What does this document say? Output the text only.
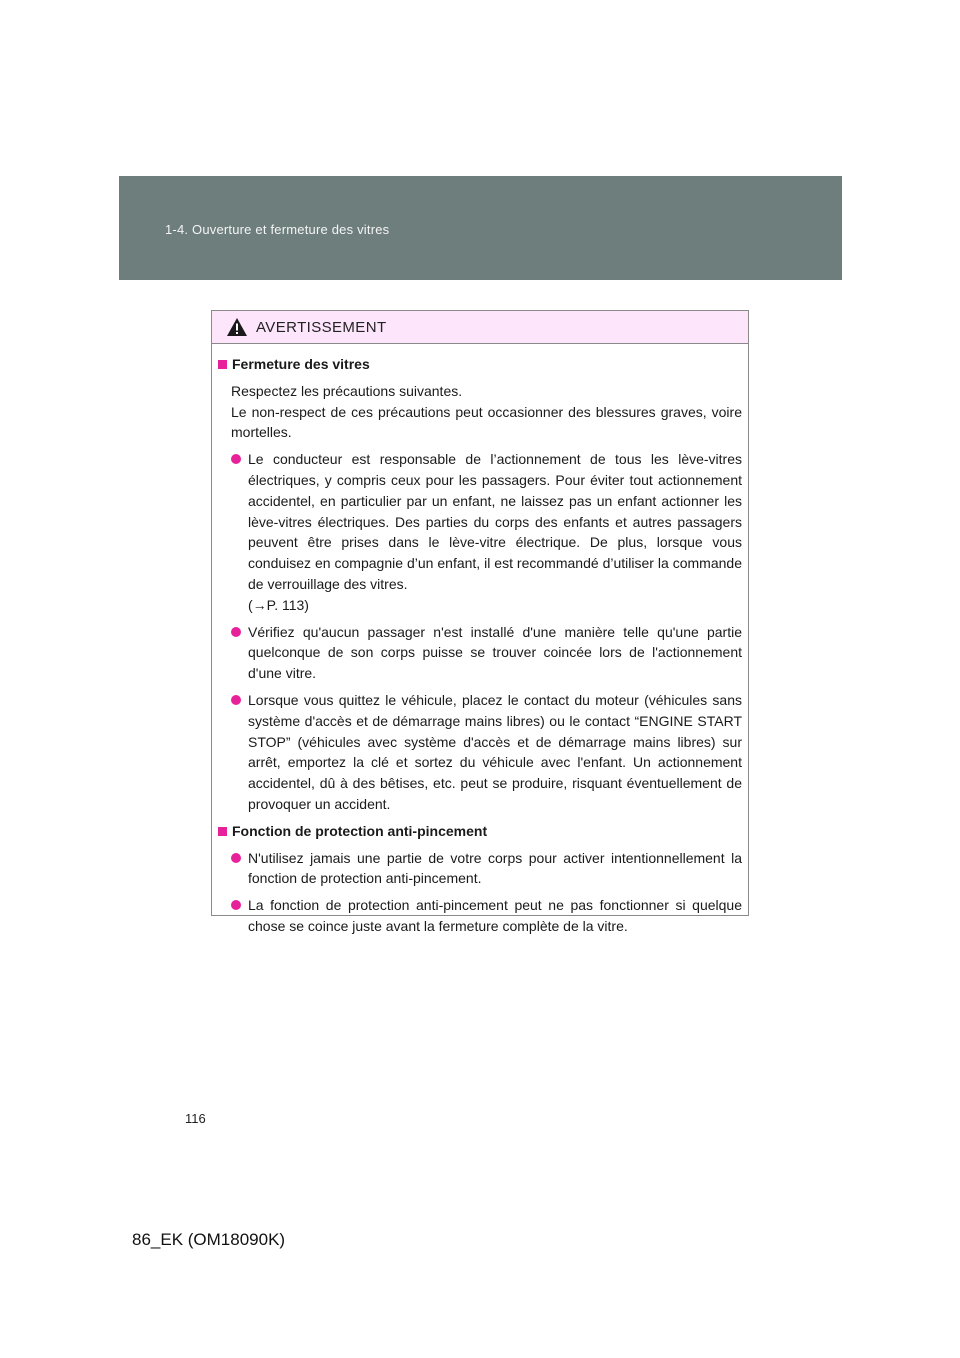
1-4. Ouverture et fermeture des vitres
AVERTISSEMENT
Fermeture des vitres
Respectez les précautions suivantes.
Le non-respect de ces précautions peut occasionner des blessures graves, voire mortelles.
Le conducteur est responsable de l’actionnement de tous les lève-vitres électriques, y compris ceux pour les passagers. Pour éviter tout actionnement accidentel, en particulier par un enfant, ne laissez pas un enfant actionner les lève-vitres électriques. Des parties du corps des enfants et autres passagers peuvent être prises dans le lève-vitre électrique. De plus, lorsque vous conduisez en compagnie d’un enfant, il est recommandé d’utiliser la commande de verrouillage des vitres.
(→P. 113)
Vérifiez qu'aucun passager n'est installé d'une manière telle qu'une partie quelconque de son corps puisse se trouver coincée lors de l'actionnement d'une vitre.
Lorsque vous quittez le véhicule, placez le contact du moteur (véhicules sans système d'accès et de démarrage mains libres) ou le contact “ENGINE START STOP” (véhicules avec système d'accès et de démarrage mains libres) sur arrêt, emportez la clé et sortez du véhicule avec l'enfant. Un actionnement accidentel, dû à des bêtises, etc. peut se produire, risquant éventuellement de provoquer un accident.
Fonction de protection anti-pincement
N'utilisez jamais une partie de votre corps pour activer intentionnellement la fonction de protection anti-pincement.
La fonction de protection anti-pincement peut ne pas fonctionner si quelque chose se coince juste avant la fermeture complète de la vitre.
116
86_EK (OM18090K)
